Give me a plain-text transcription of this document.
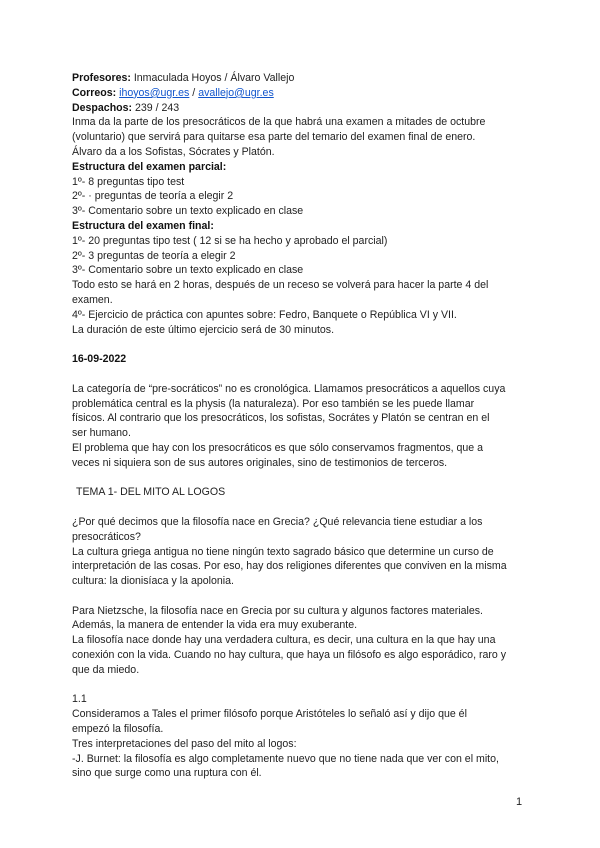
Profesores: Inmaculada Hoyos / Álvaro Vallejo

Correos: ihoyos@ugr.es / avallejo@ugr.es

Despachos: 239 / 243

Inma da la parte de los presocráticos de la que habrá una examen a mitades de octubre

(voluntario) que servirá para quitarse esa parte del temario del examen final de enero.

Álvaro da a los Sofistas, Sócrates y Platón.

Estructura del examen parcial:

1º- 8 preguntas tipo test

2º- · preguntas de teoría a elegir 2

3º- Comentario sobre un texto explicado en clase

Estructura del examen final:

1º- 20 preguntas tipo test ( 12 si se ha hecho y aprobado el parcial)

2º- 3 preguntas de teoría a elegir 2

3º- Comentario sobre un texto explicado en clase

Todo esto se hará en 2 horas, después de un receso se volverá para hacer la parte 4 del

examen.

4º- Ejercicio de práctica con apuntes sobre: Fedro, Banquete o República VI y VII.

La duración de este último ejercicio será de 30 minutos.

16-09-2022

La categoría de “pre-socráticos” no es cronológica. Llamamos presocráticos a aquellos cuya

problemática central es la physis (la naturaleza). Por eso también se les puede llamar

físicos. Al contrario que los presocráticos, los sofistas, Socrátes y Platón se centran en el

ser humano.

El problema que hay con los presocráticos es que sólo conservamos fragmentos, que a

veces ni siquiera son de sus autores originales, sino de testimonios de terceros.

TEMA 1- DEL MITO AL LOGOS

¿Por qué decimos que la filosofía nace en Grecia? ¿Qué relevancia tiene estudiar a los

presocráticos?

La cultura griega antigua no tiene ningún texto sagrado básico que determine un curso de

interpretación de las cosas. Por eso, hay dos religiones diferentes que conviven en la misma

cultura: la dionisíaca y la apolonia.

Para Nietzsche, la filosofía nace en Grecia por su cultura y algunos factores materiales.

Además, la manera de entender la vida era muy exuberante.

La filosofía nace donde hay una verdadera cultura, es decir, una cultura en la que hay una

conexión con la vida. Cuando no hay cultura, que haya un filósofo es algo esporádico, raro y

que da miedo.

1.1

Consideramos a Tales el primer filósofo porque Aristóteles lo señaló así y dijo que él

empezó la filosofía.

Tres interpretaciones del paso del mito al logos:

-J. Burnet: la filosofía es algo completamente nuevo que no tiene nada que ver con el mito,

sino que surge como una ruptura con él.

1
